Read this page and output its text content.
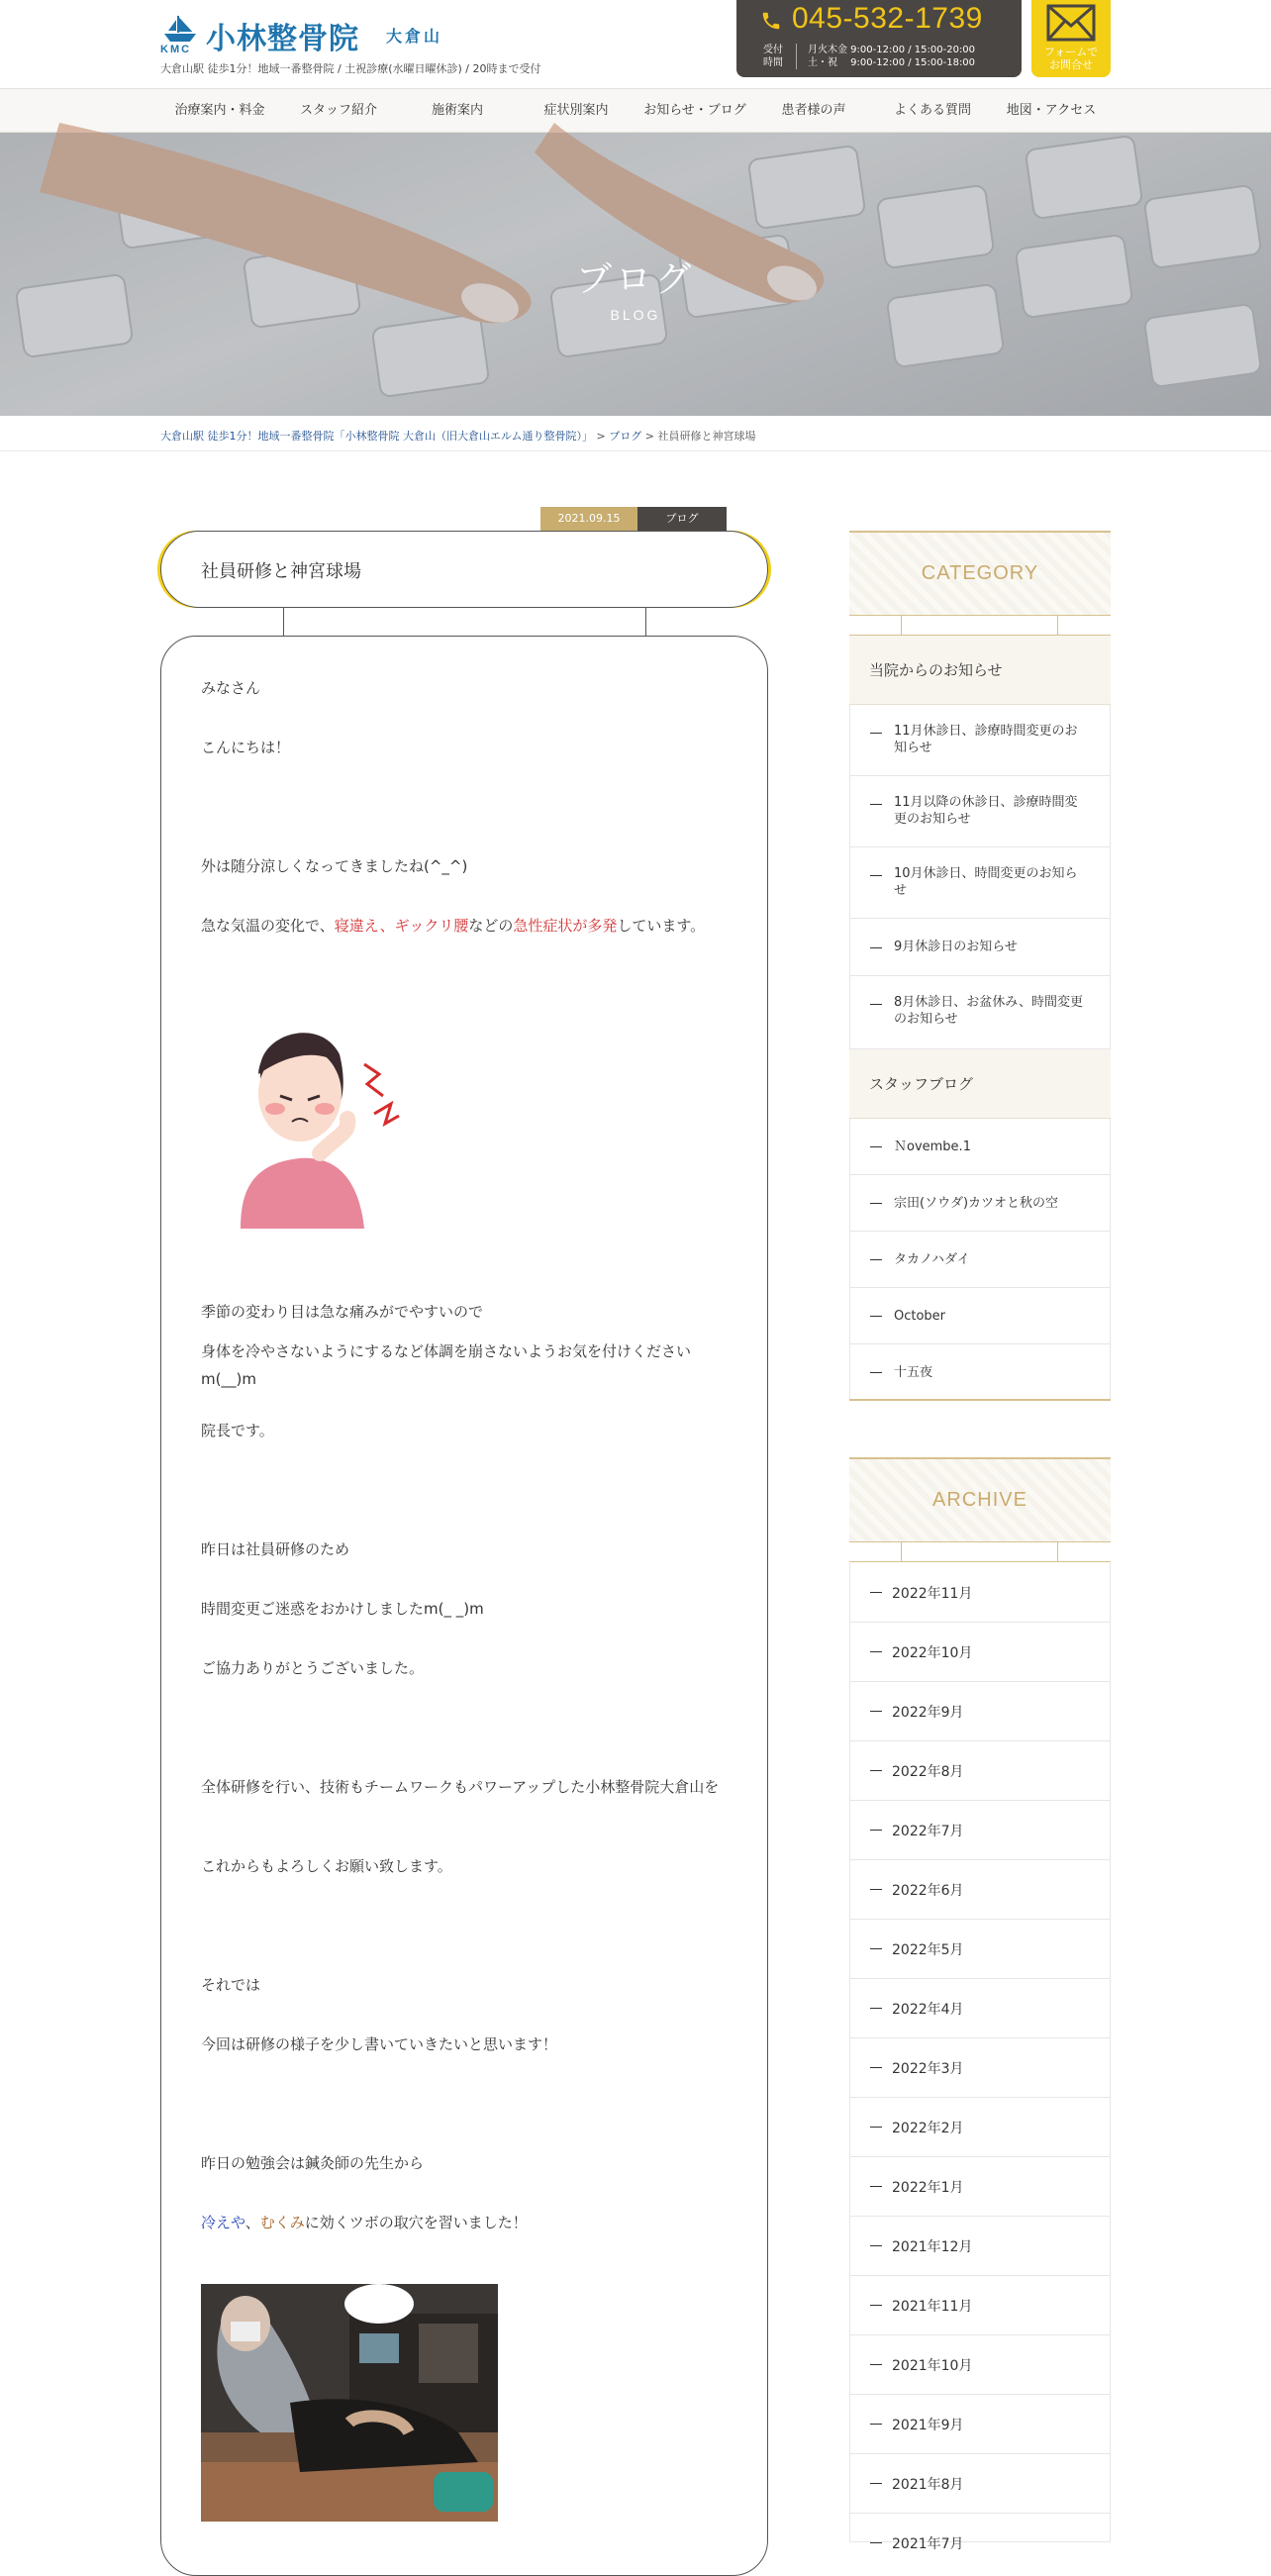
KMC 小林整骨院 大倉山
大倉山駅 徒歩1分！地域一番整骨院 / 土祝診療(水曜日曜休診) / 20時まで受付
045-532-1739
受付
時間
月火木金 9:00-12:00 / 15:00-20:00
土・祝 　9:00-12:00 / 15:00-18:00
フォームで
お問合せ
治療案内・料金	スタッフ紹介	施術案内	症状別案内	お知らせ・ブログ	患者様の声	よくある質問	地図・アクセス
ブログ
BLOG
大倉山駅 徒歩1分！地域一番整骨院「小林整骨院 大倉山（旧大倉山エルム通り整骨院）」 > ブログ > 社員研修と神宮球場
2021.09.15	ブログ
社員研修と神宮球場
みなさん
こんにちは！
外は随分涼しくなってきましたね(^_^)
急な気温の変化で、寝違え、ギックリ腰などの急性症状が多発しています。
季節の変わり目は急な痛みがでやすいので
身体を冷やさないようにするなど体調を崩さないようお気を付けください m(__)m
院長です。
昨日は社員研修のため
時間変更ご迷惑をおかけしましたm(_ _)m
ご協力ありがとうございました。
全体研修を行い、技術もチームワークもパワーアップした小林整骨院大倉山を
これからもよろしくお願い致します。
それでは
今回は研修の様子を少し書いていきたいと思います！
昨日の勉強会は鍼灸師の先生から
冷えや、むくみに効くツボの取穴を習いました！
CATEGORY
当院からのお知らせ
11月休診日、診療時間変更のお知らせ
11月以降の休診日、診療時間変更のお知らせ
10月休診日、時間変更のお知らせ
9月休診日のお知らせ
8月休診日、お盆休み、時間変更のお知らせ
スタッフブログ
Ｎovembe.1
宗田(ソウダ)カツオと秋の空
タカノハダイ
October
十五夜
ARCHIVE
2022年11月
2022年10月
2022年9月
2022年8月
2022年7月
2022年6月
2022年5月
2022年4月
2022年3月
2022年2月
2022年1月
2021年12月
2021年11月
2021年10月
2021年9月
2021年8月
2021年7月
